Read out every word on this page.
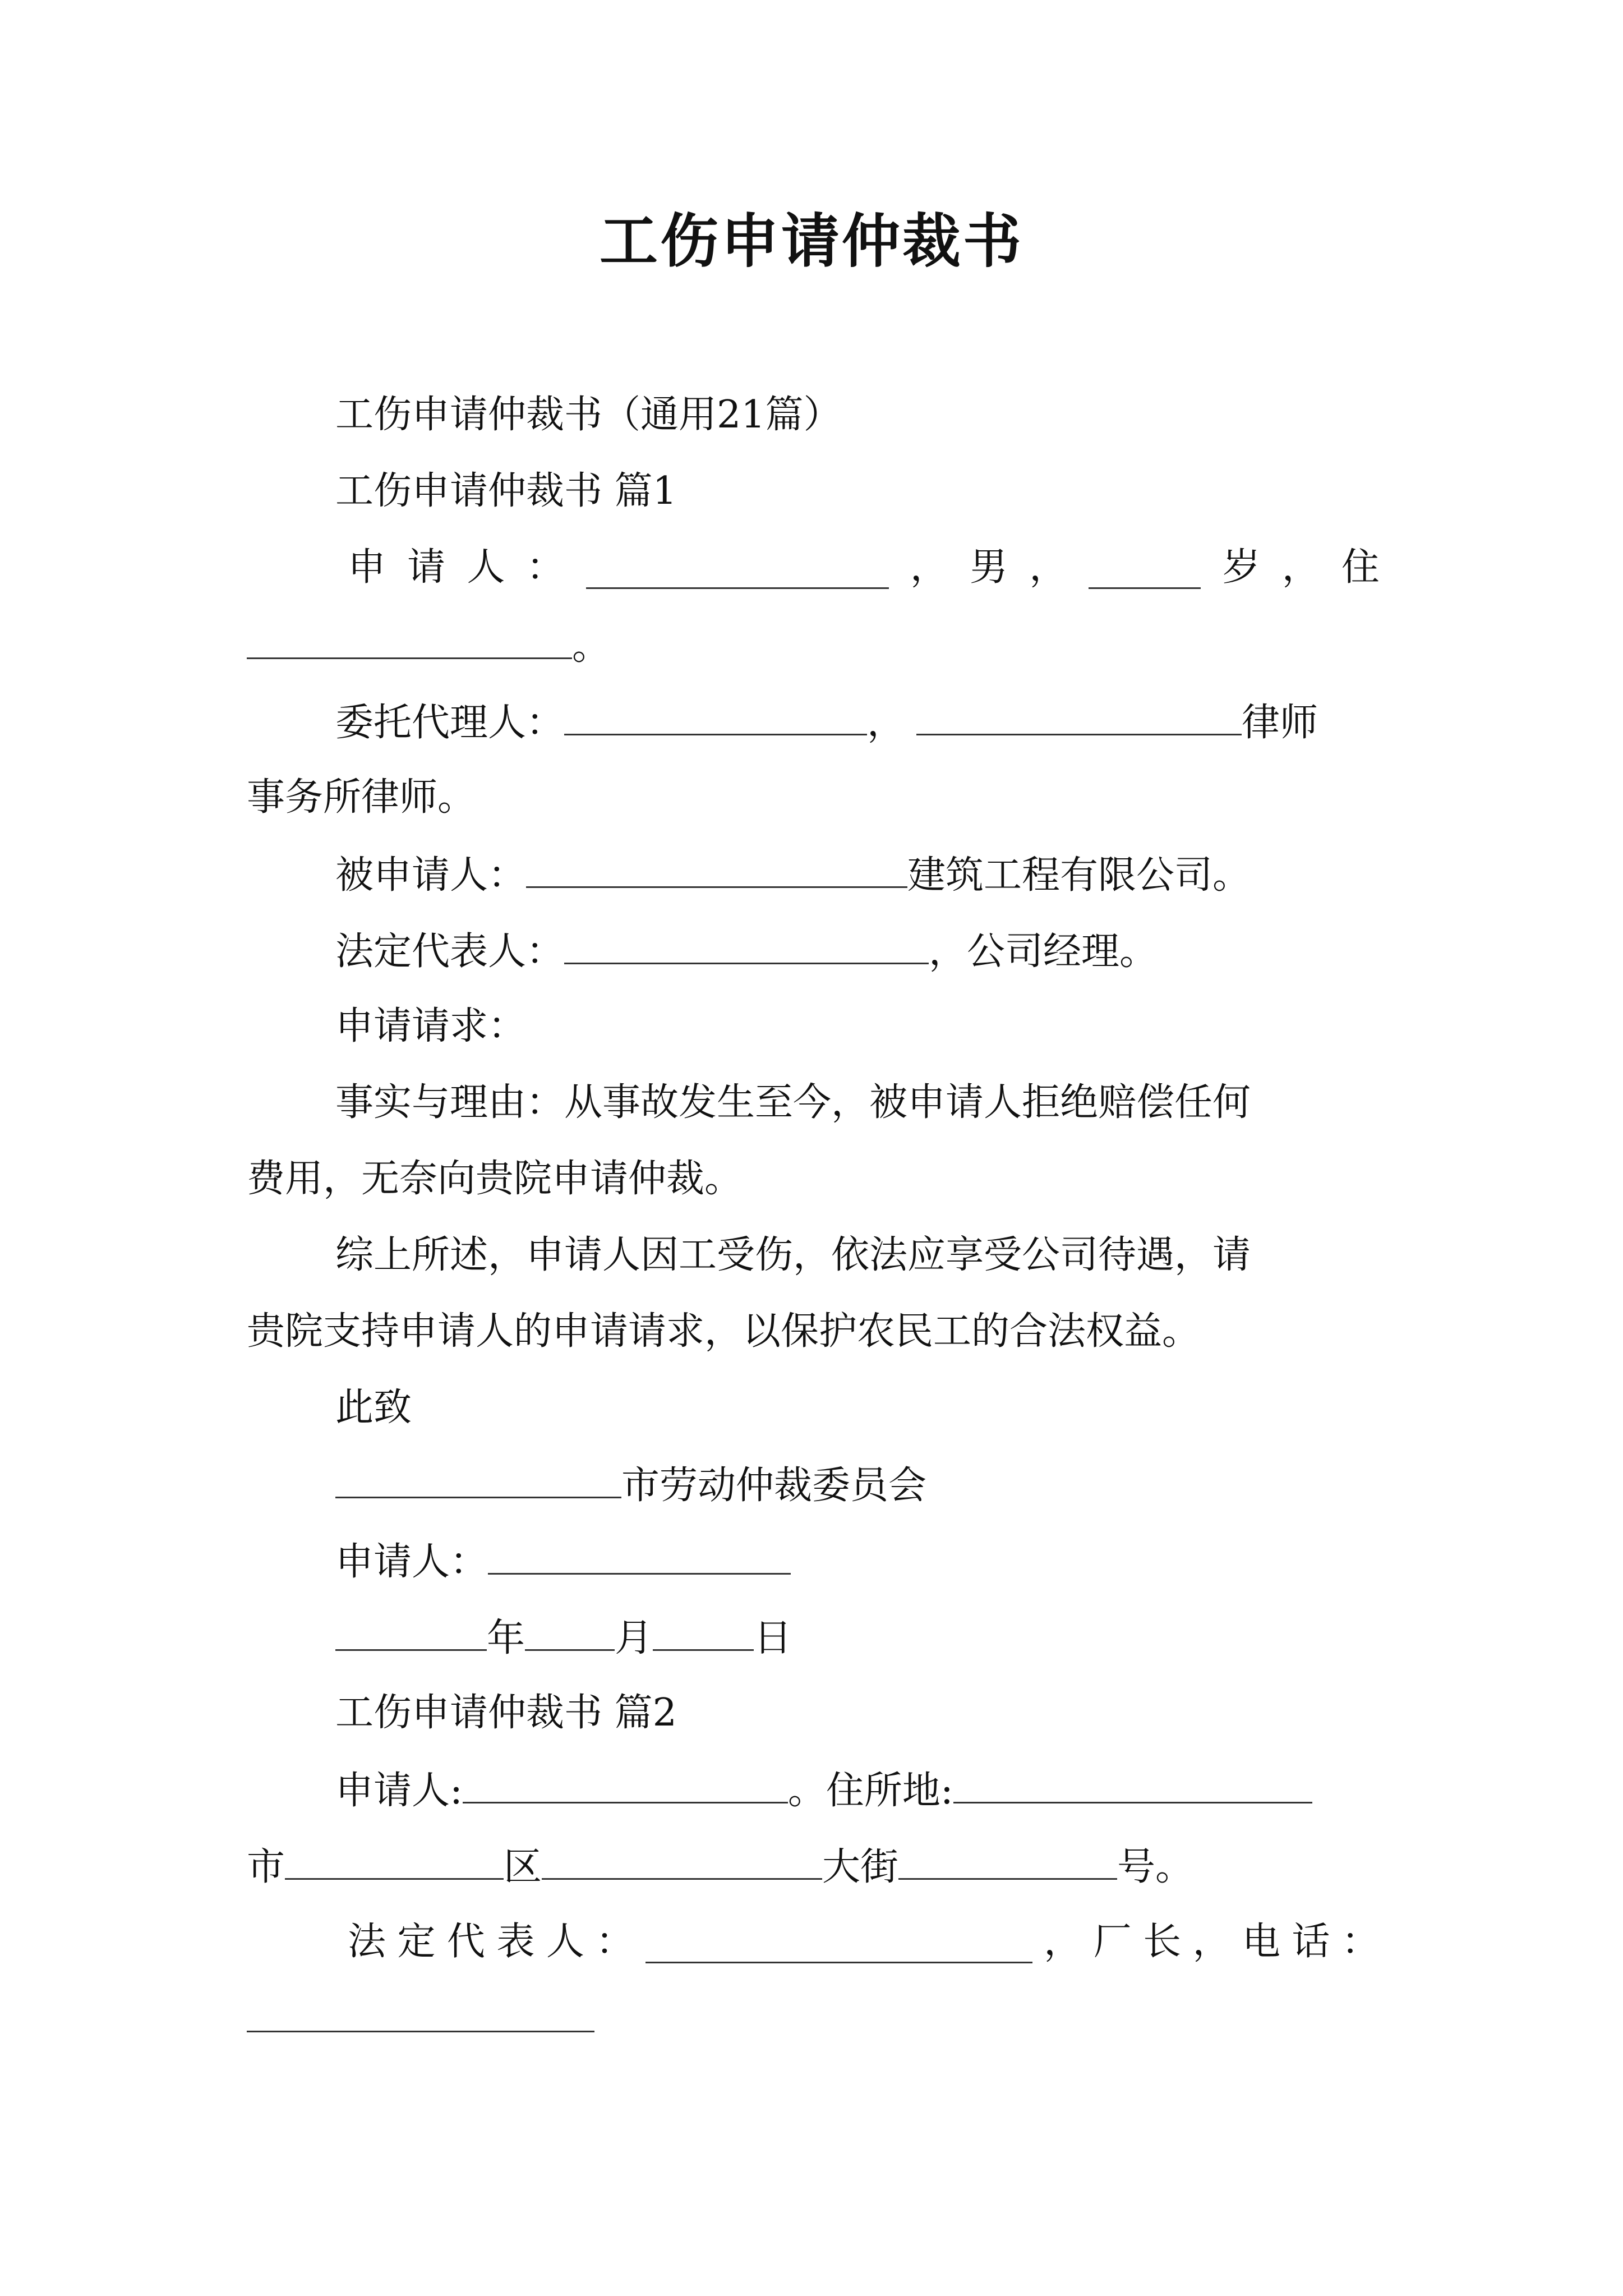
工伤申请仲裁书
工伤申请仲裁书（通用21篇）
工伤申请仲裁书 篇1
申 请 人 ：	， 男 ，	岁 ， 住
。
委托代理人：	，	律师
事务所律师。
被申请人：	建筑工程有限公司。
法定代表人：	，公司经理。
申请请求：
事实与理由：从事故发生至今，被申请人拒绝赔偿任何
费用，无奈向贵院申请仲裁。
综上所述，申请人因工受伤，依法应享受公司待遇，请
贵院支持申请人的申请请求，以保护农民工的合法权益。
此致
市劳动仲裁委员会
申请人：
年 月	日
工伤申请仲裁书 篇2
申请人:	。住所地:
市	区	大街	号。
法 定 代 表 人 ：	， 厂 长 ， 电 话 ：
